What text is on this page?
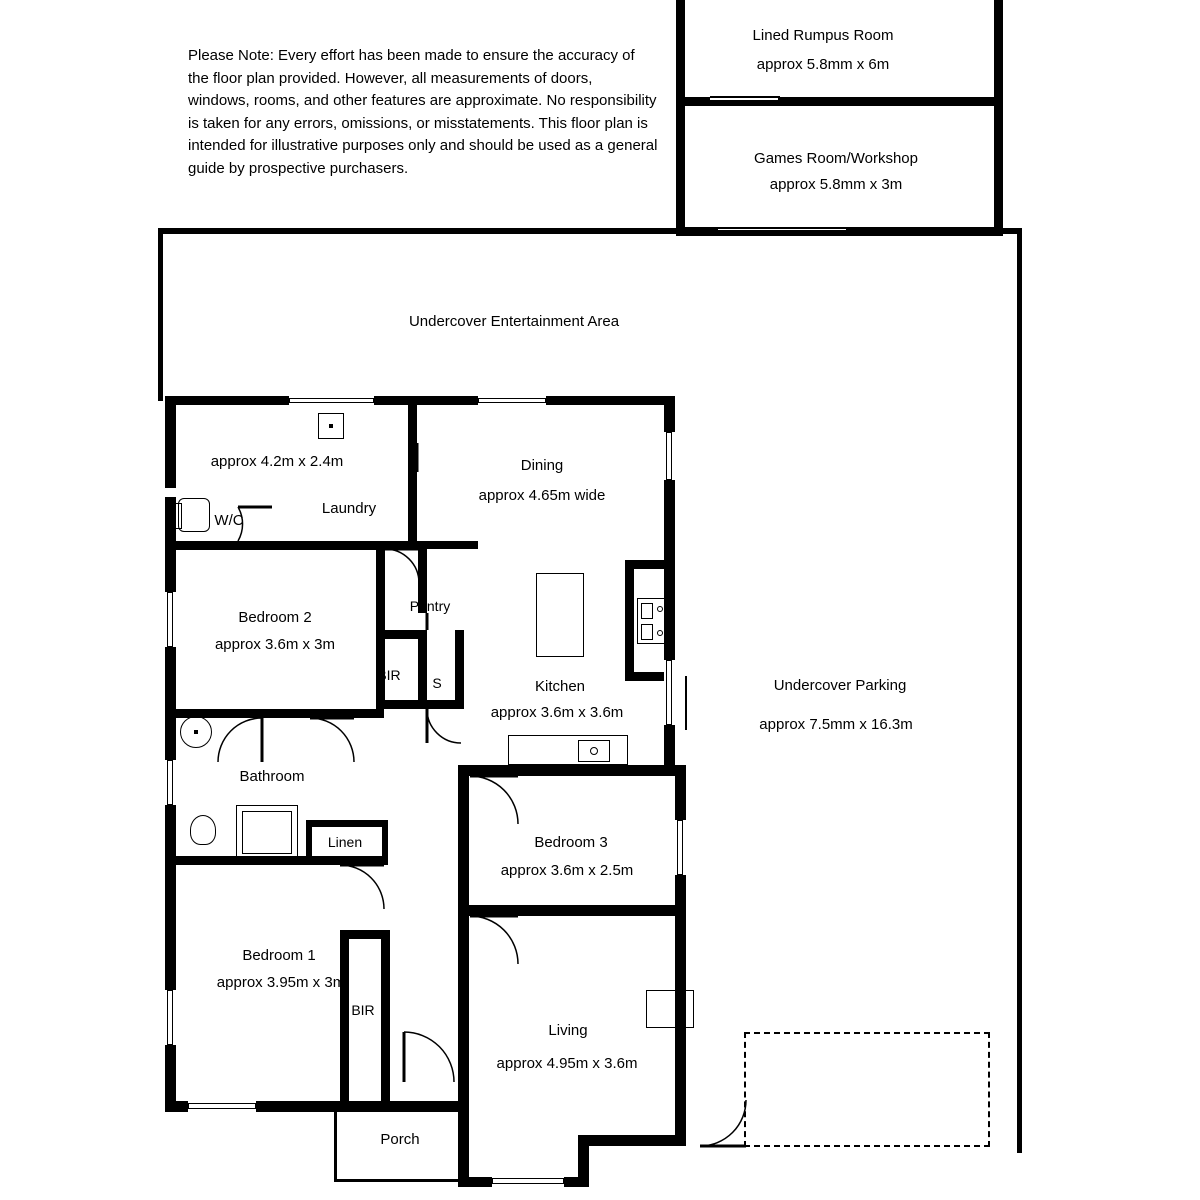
Please Note: Every effort has been made to ensure the accuracy of the floor plan provided. However, all measurements of doors, windows, rooms, and other features are approximate. No responsibility is taken for any errors, omissions, or misstatements. This floor plan is intended for illustrative purposes only and should be used as a general guide by prospective purchasers.
Lined Rumpus Room
approx 5.8mm x 6m
Games Room/Workshop
approx 5.8mm x 3m
Undercover Entertainment Area
approx 4.2m x 2.4m
Laundry
W/C
Dining
approx 4.65m wide
Bedroom 2
approx 3.6m x 3m
Pantry
BIR S	Kitchen
approx 3.6m x 3.6m
Undercover Parking
approx 7.5mm x 16.3m
Bathroom
Linen	Bedroom 3
approx 3.6m x 2.5m
Bedroom 1
approx 3.95m x 3m
BIR
Living
approx 4.95m x 3.6m
Porch
